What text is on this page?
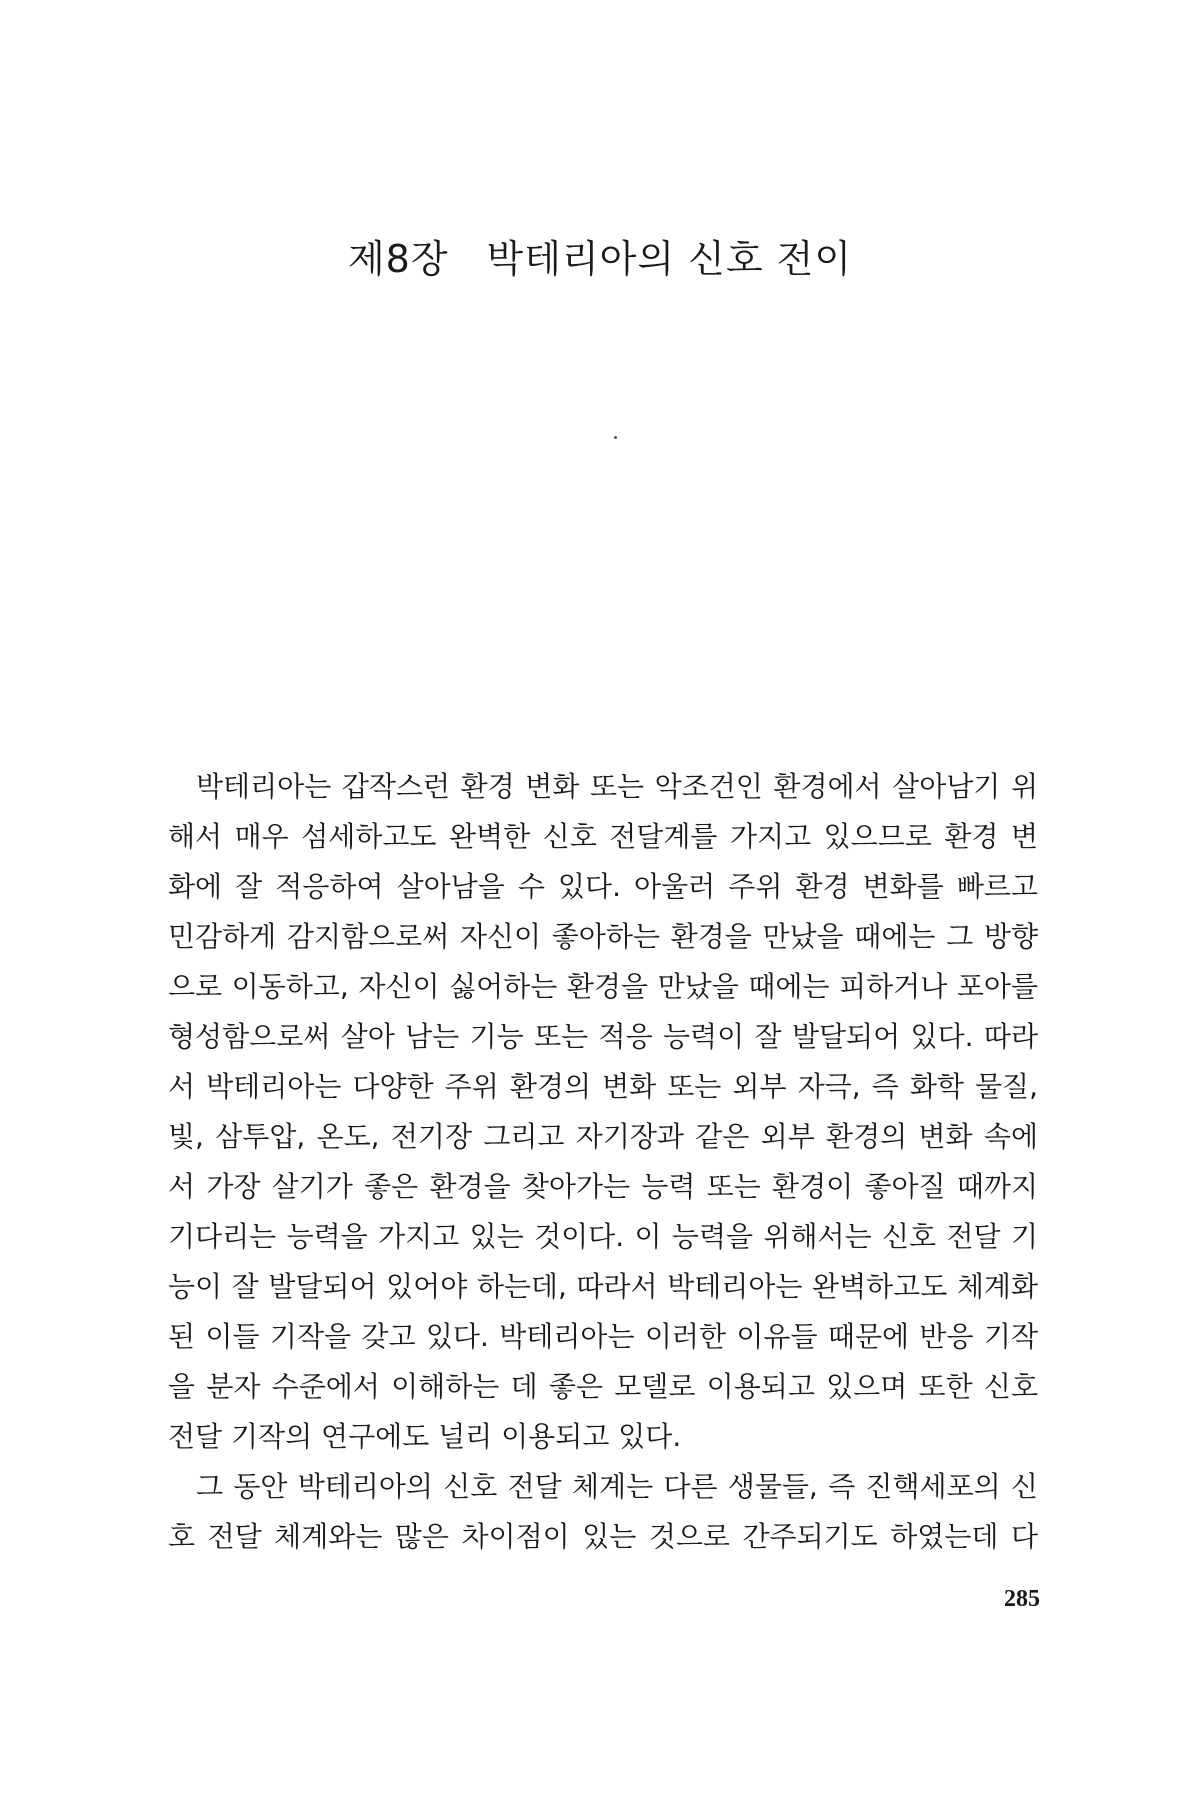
제8장 박테리아의 신호 전이
박테리아는 갑작스런 환경 변화 또는 악조건인 환경에서 살아남기 위
해서 매우 섬세하고도 완벽한 신호 전달계를 가지고 있으므로 환경 변
화에 잘 적응하여 살아남을 수 있다. 아울러 주위 환경 변화를 빠르고
민감하게 감지함으로써 자신이 좋아하는 환경을 만났을 때에는 그 방향
으로 이동하고, 자신이 싫어하는 환경을 만났을 때에는 피하거나 포아를
형성함으로써 살아 남는 기능 또는 적응 능력이 잘 발달되어 있다. 따라
서 박테리아는 다양한 주위 환경의 변화 또는 외부 자극, 즉 화학 물질,
빛, 삼투압, 온도, 전기장 그리고 자기장과 같은 외부 환경의 변화 속에
서 가장 살기가 좋은 환경을 찾아가는 능력 또는 환경이 좋아질 때까지
기다리는 능력을 가지고 있는 것이다. 이 능력을 위해서는 신호 전달 기
능이 잘 발달되어 있어야 하는데, 따라서 박테리아는 완벽하고도 체계화
된 이들 기작을 갖고 있다. 박테리아는 이러한 이유들 때문에 반응 기작
을 분자 수준에서 이해하는 데 좋은 모델로 이용되고 있으며 또한 신호
전달 기작의 연구에도 널리 이용되고 있다.
그 동안 박테리아의 신호 전달 체계는 다른 생물들, 즉 진핵세포의 신
호 전달 체계와는 많은 차이점이 있는 것으로 간주되기도 하였는데 다
285
